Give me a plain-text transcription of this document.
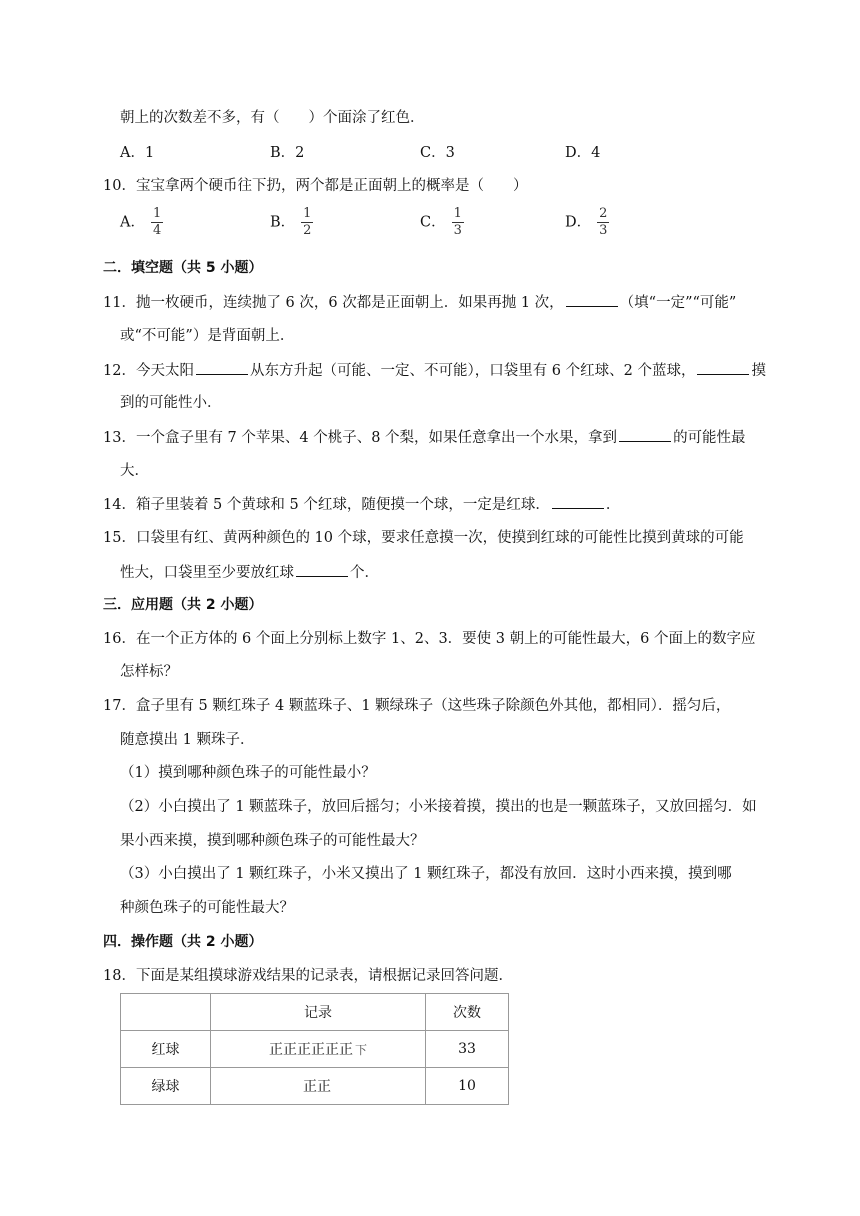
朝上的次数差不多，有（　　）个面涂了红色．
A．1	B．2	C．3	D．4
10．宝宝拿两个硬币往下扔，两个都是正面朝上的概率是（　　）
A． $\frac{1}{4}$	B． $\frac{1}{2}$	C． $\frac{1}{3}$	D． $\frac{2}{3}$
二．填空题（共 5 小题）
11．抛一枚硬币，连续抛了 6 次，6 次都是正面朝上．如果再抛 1 次，	（填“一定”“可能”
或“不可能”）是背面朝上．
12．今天太阳	从东方升起（可能、一定、不可能），口袋里有 6 个红球、2 个蓝球，	摸
到的可能性小．
13．一个盒子里有 7 个苹果、4 个桃子、8 个梨，如果任意拿出一个水果，拿到	的可能性最
大．
14．箱子里装着 5 个黄球和 5 个红球，随便摸一个球，一定是红球．	．
15．口袋里有红、黄两种颜色的 10 个球，要求任意摸一次，使摸到红球的可能性比摸到黄球的可能
性大，口袋里至少要放红球	个．
三．应用题（共 2 小题）
16．在一个正方体的 6 个面上分别标上数字 1、2、3．要使 3 朝上的可能性最大，6 个面上的数字应
怎样标？
17．盒子里有 5 颗红珠子 4 颗蓝珠子、1 颗绿珠子（这些珠子除颜色外其他，都相同）．摇匀后，
随意摸出 1 颗珠子．
（1）摸到哪种颜色珠子的可能性最小？
（2）小白摸出了 1 颗蓝珠子，放回后摇匀；小米接着摸，摸出的也是一颗蓝珠子，又放回摇匀．如
果小西来摸，摸到哪种颜色珠子的可能性最大？
（3）小白摸出了 1 颗红珠子，小米又摸出了 1 颗红珠子，都没有放回．这时小西来摸，摸到哪
种颜色珠子的可能性最大？
四．操作题（共 2 小题）
18．下面是某组摸球游戏结果的记录表，请根据记录回答问题．
	记录	次数
红球	正正正正正正 下	33
绿球	正正	10
